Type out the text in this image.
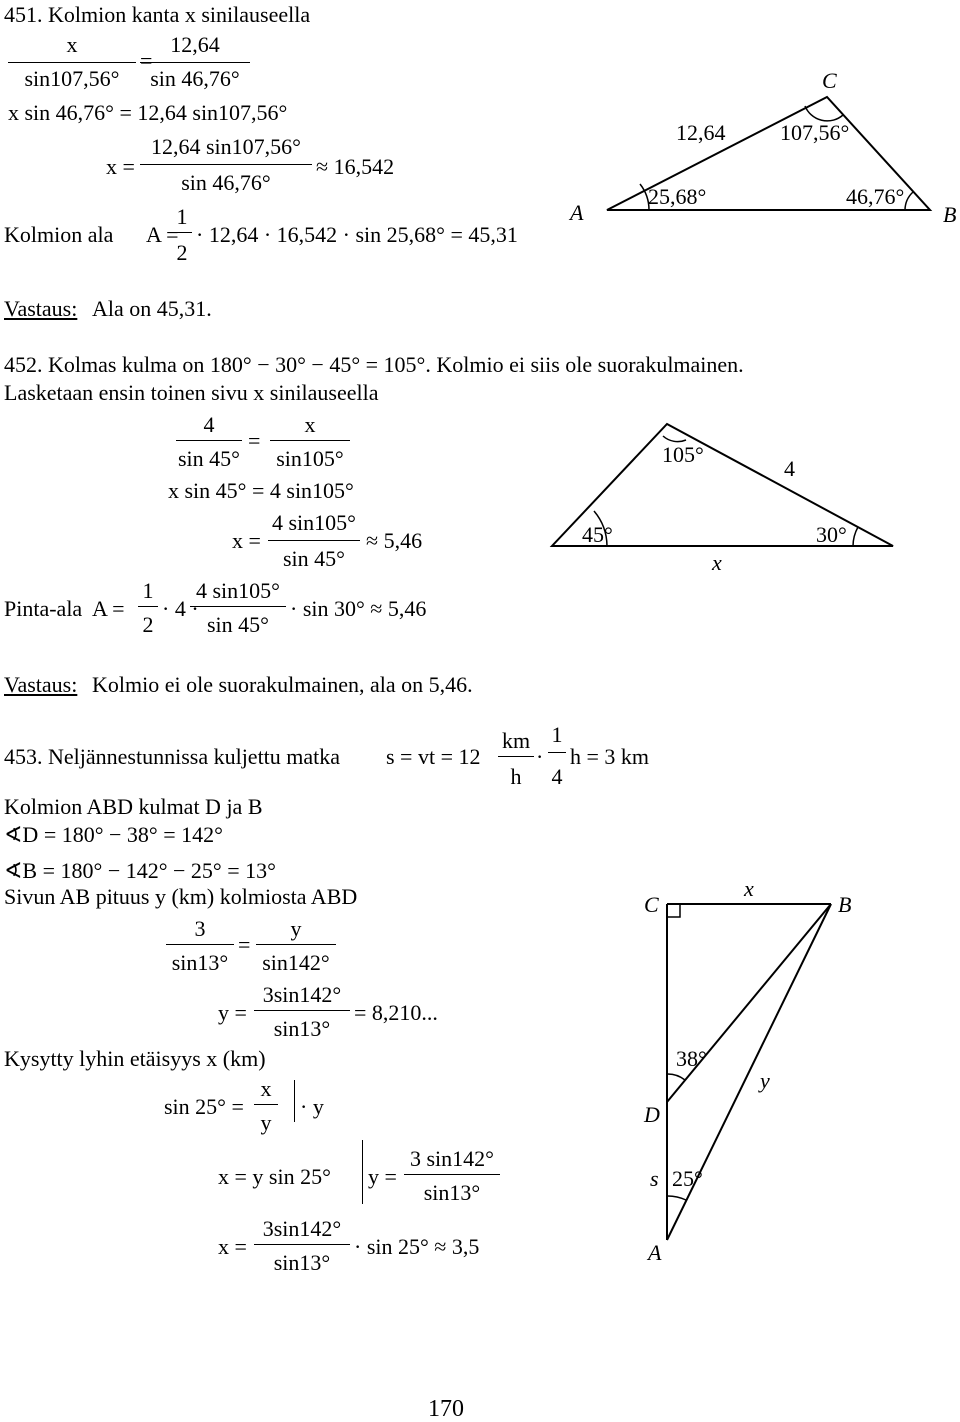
451. Kolmion kanta x sinilauseella
x
sin107,56°
=
12,64
sin 46,76°
x sin 46,76° = 12,64 sin107,56°
x =
12,64 sin107,56°
sin 46,76°
≈ 16,542
Kolmion ala A =
1
2
· 12,64 · 16,542 · sin 25,68° = 45,31
Vastaus: Ala on 45,31.
A	B
C
12,64 107,56°
25,68°	46,76°
452. Kolmas kulma on 180° − 30° − 45° = 105°. Kolmio ei siis ole suorakulmainen.
Lasketaan ensin toinen sivu x sinilauseella
4
sin 45°
=
x
sin105°
x sin 45° = 4 sin105°
x =
4 sin105°
sin 45°
≈ 5,46
Pinta-ala A =
1
2
· 4 ·
4 sin105°
sin 45°
· sin 30° ≈ 5,46
Vastaus: Kolmio ei ole suorakulmainen, ala on 5,46.
105°
4
45°	30°
x
453. Neljännestunnissa kuljettu matka s = vt = 12
km
h
·
1
4
h = 3 km
Kolmion ABD kulmat D ja B
∢D = 180° − 38° = 142°
∢B = 180° − 142° − 25° = 13°
Sivun AB pituus y (km) kolmiosta ABD
3
sin13°
=
y
sin142°
y =
3sin142°
sin13°
= 8,210...
Kysytty lyhin etäisyys x (km)
sin 25° =
x
y
· y
x = y sin 25° y =
3 sin142°
sin13°
x =
3sin142°
sin13°
· sin 25° ≈ 3,5
C	B
x
D
A
s
y
38°
25°
170
